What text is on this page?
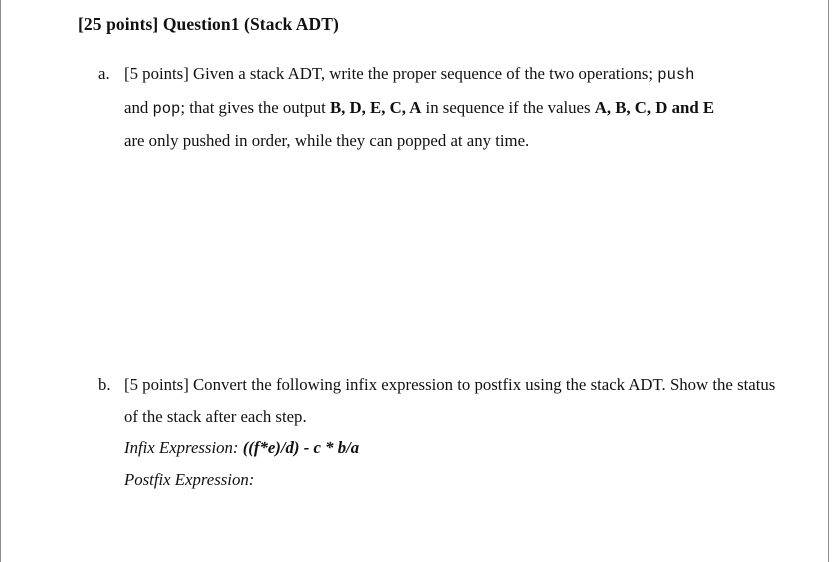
[25 points] Question1 (Stack ADT)
a. [5 points] Given a stack ADT, write the proper sequence of the two operations; push
and pop; that gives the output B, D, E, C, A in sequence if the values A, B, C, D and E
are only pushed in order, while they can popped at any time.
b. [5 points] Convert the following infix expression to postfix using the stack ADT. Show the status of the stack after each step.
Infix Expression: ((f*e)/d) - c * b/a
Postfix Expression:
